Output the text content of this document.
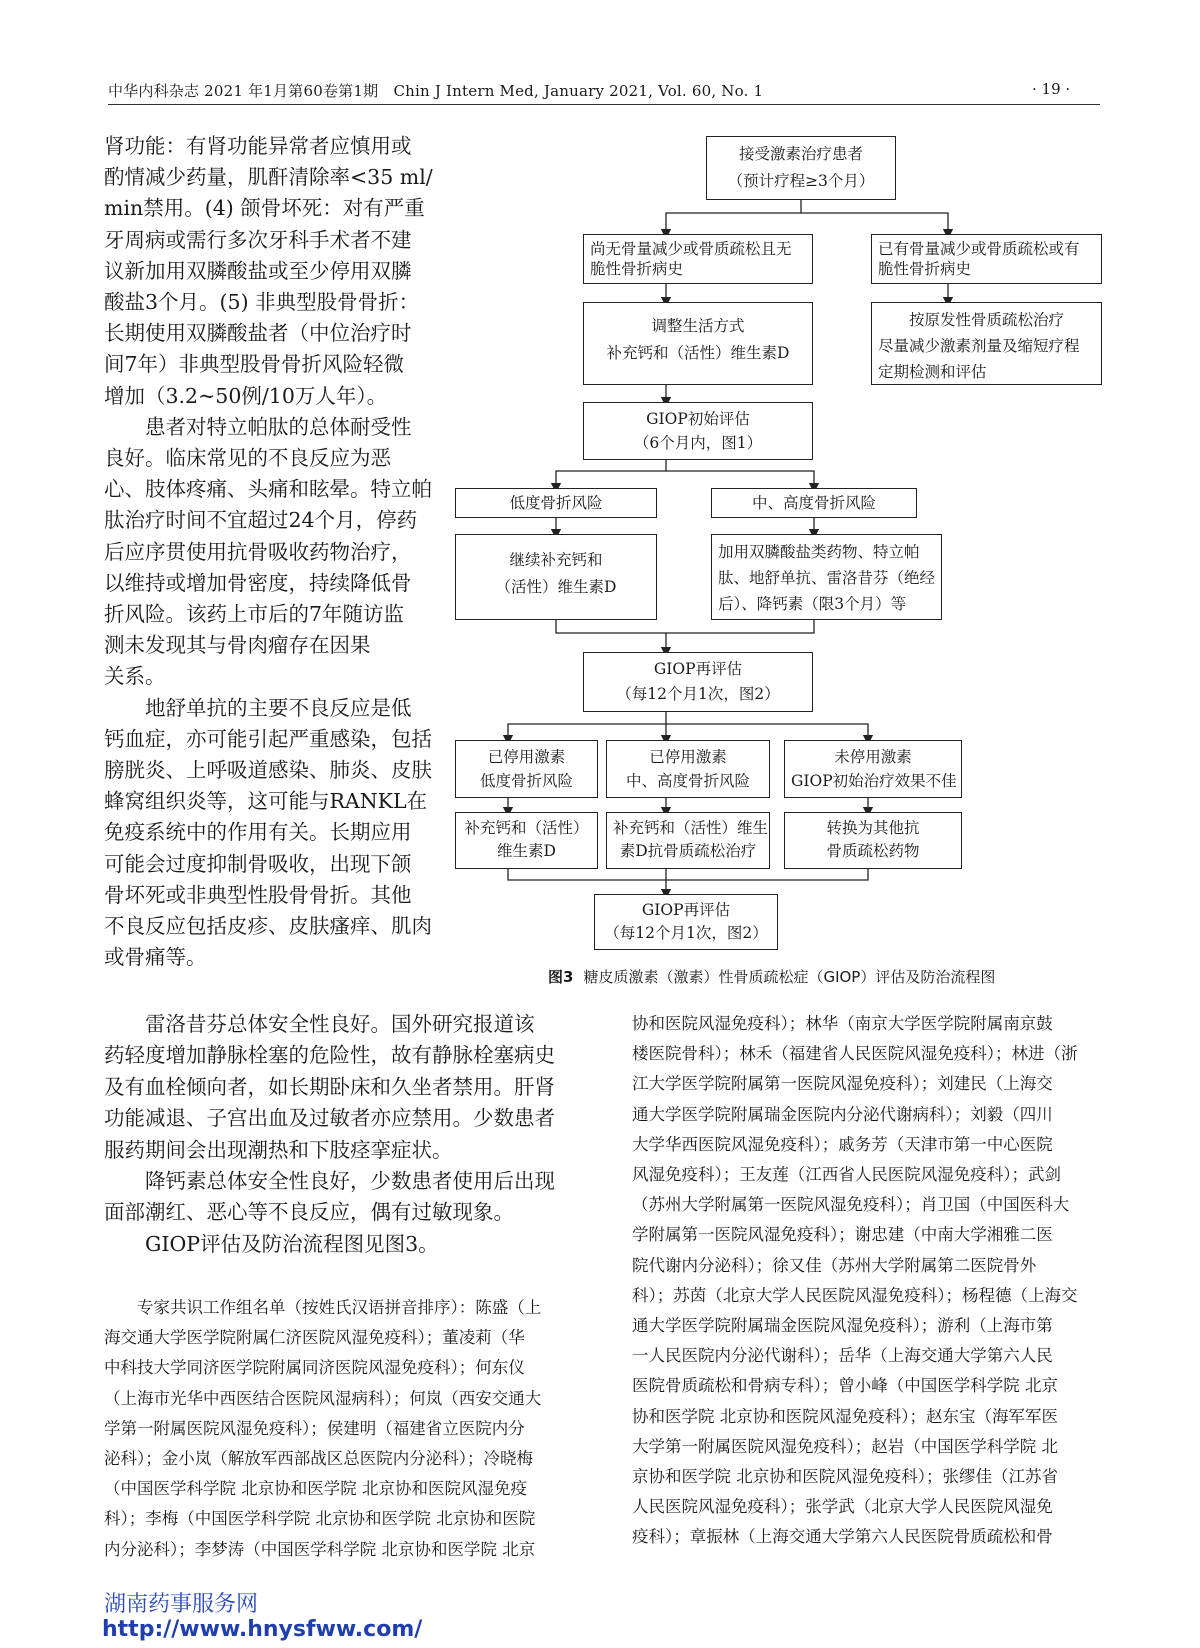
中华内科杂志 2021 年1月第60卷第1期　Chin J Intern Med, January 2021, Vol. 60, No. 1	· 19 ·
肾功能：有肾功能异常者应慎用或
酌情减少药量，肌酐清除率<35 ml/
min禁用。(4) 颌骨坏死：对有严重
牙周病或需行多次牙科手术者不建
议新加用双膦酸盐或至少停用双膦
酸盐3个月。(5) 非典型股骨骨折：
长期使用双膦酸盐者（中位治疗时
间7年）非典型股骨骨折风险轻微
增加（3.2~50例/10万人年）。
　　患者对特立帕肽的总体耐受性
良好。临床常见的不良反应为恶
心、肢体疼痛、头痛和眩晕。特立帕
肽治疗时间不宜超过24个月，停药
后应序贯使用抗骨吸收药物治疗，
以维持或增加骨密度，持续降低骨
折风险。该药上市后的7年随访监
测未发现其与骨肉瘤存在因果
关系。
　　地舒单抗的主要不良反应是低
钙血症，亦可能引起严重感染，包括
膀胱炎、上呼吸道感染、肺炎、皮肤
蜂窝组织炎等，这可能与RANKL在
免疫系统中的作用有关。长期应用
可能会过度抑制骨吸收，出现下颌
骨坏死或非典型性股骨骨折。其他
不良反应包括皮疹、皮肤瘙痒、肌肉
或骨痛等。
　　雷洛昔芬总体安全性良好。国外研究报道该
药轻度增加静脉栓塞的危险性，故有静脉栓塞病史
及有血栓倾向者，如长期卧床和久坐者禁用。肝肾
功能减退、子宫出血及过敏者亦应禁用。少数患者
服药期间会出现潮热和下肢痉挛症状。
　　降钙素总体安全性良好，少数患者使用后出现
面部潮红、恶心等不良反应，偶有过敏现象。
　　GIOP评估及防治流程图见图3。
　　专家共识工作组名单（按姓氏汉语拼音排序）：陈盛（上
海交通大学医学院附属仁济医院风湿免疫科）；董凌莉（华
中科技大学同济医学院附属同济医院风湿免疫科）；何东仪
（上海市光华中西医结合医院风湿病科）；何岚（西安交通大
学第一附属医院风湿免疫科）；侯建明（福建省立医院内分
泌科）；金小岚（解放军西部战区总医院内分泌科）；冷晓梅
（中国医学科学院 北京协和医学院 北京协和医院风湿免疫
科）；李梅（中国医学科学院 北京协和医学院 北京协和医院
内分泌科）；李梦涛（中国医学科学院 北京协和医学院 北京
协和医院风湿免疫科）；林华（南京大学医学院附属南京鼓
楼医院骨科）；林禾（福建省人民医院风湿免疫科）；林进（浙
江大学医学院附属第一医院风湿免疫科）；刘建民（上海交
通大学医学院附属瑞金医院内分泌代谢病科）；刘毅（四川
大学华西医院风湿免疫科）；戚务芳（天津市第一中心医院
风湿免疫科）；王友莲（江西省人民医院风湿免疫科）；武剑
（苏州大学附属第一医院风湿免疫科）；肖卫国（中国医科大
学附属第一医院风湿免疫科）；谢忠建（中南大学湘雅二医
院代谢内分泌科）；徐又佳（苏州大学附属第二医院骨外
科）；苏茵（北京大学人民医院风湿免疫科）；杨程德（上海交
通大学医学院附属瑞金医院风湿免疫科）；游利（上海市第
一人民医院内分泌代谢科）；岳华（上海交通大学第六人民
医院骨质疏松和骨病专科）；曾小峰（中国医学科学院 北京
协和医学院 北京协和医院风湿免疫科）；赵东宝（海军军医
大学第一附属医院风湿免疫科）；赵岩（中国医学科学院 北
京协和医学院 北京协和医院风湿免疫科）；张缪佳（江苏省
人民医院风湿免疫科）；张学武（北京大学人民医院风湿免
疫科）；章振林（上海交通大学第六人民医院骨质疏松和骨
接受激素治疗患者
（预计疗程≥3个月）
尚无骨量减少或骨质疏松且无
脆性骨折病史
已有骨量减少或骨质疏松或有
脆性骨折病史
调整生活方式
补充钙和（活性）维生素D
按原发性骨质疏松治疗
尽量减少激素剂量及缩短疗程
定期检测和评估
GIOP初始评估
（6个月内，图1）
低度骨折风险	中、高度骨折风险
继续补充钙和
（活性）维生素D
加用双膦酸盐类药物、特立帕
肽、地舒单抗、雷洛昔芬（绝经
后）、降钙素（限3个月）等
GIOP再评估
（每12个月1次，图2）
已停用激素
低度骨折风险
已停用激素
中、高度骨折风险
未停用激素
GIOP初始治疗效果不佳
补充钙和（活性）
维生素D
补充钙和（活性）维生
素D抗骨质疏松治疗
转换为其他抗
骨质疏松药物
GIOP再评估
（每12个月1次，图2）
图3 糖皮质激素（激素）性骨质疏松症（GIOP）评估及防治流程图
湖南药事服务网
http://www.hnysfww.com/
